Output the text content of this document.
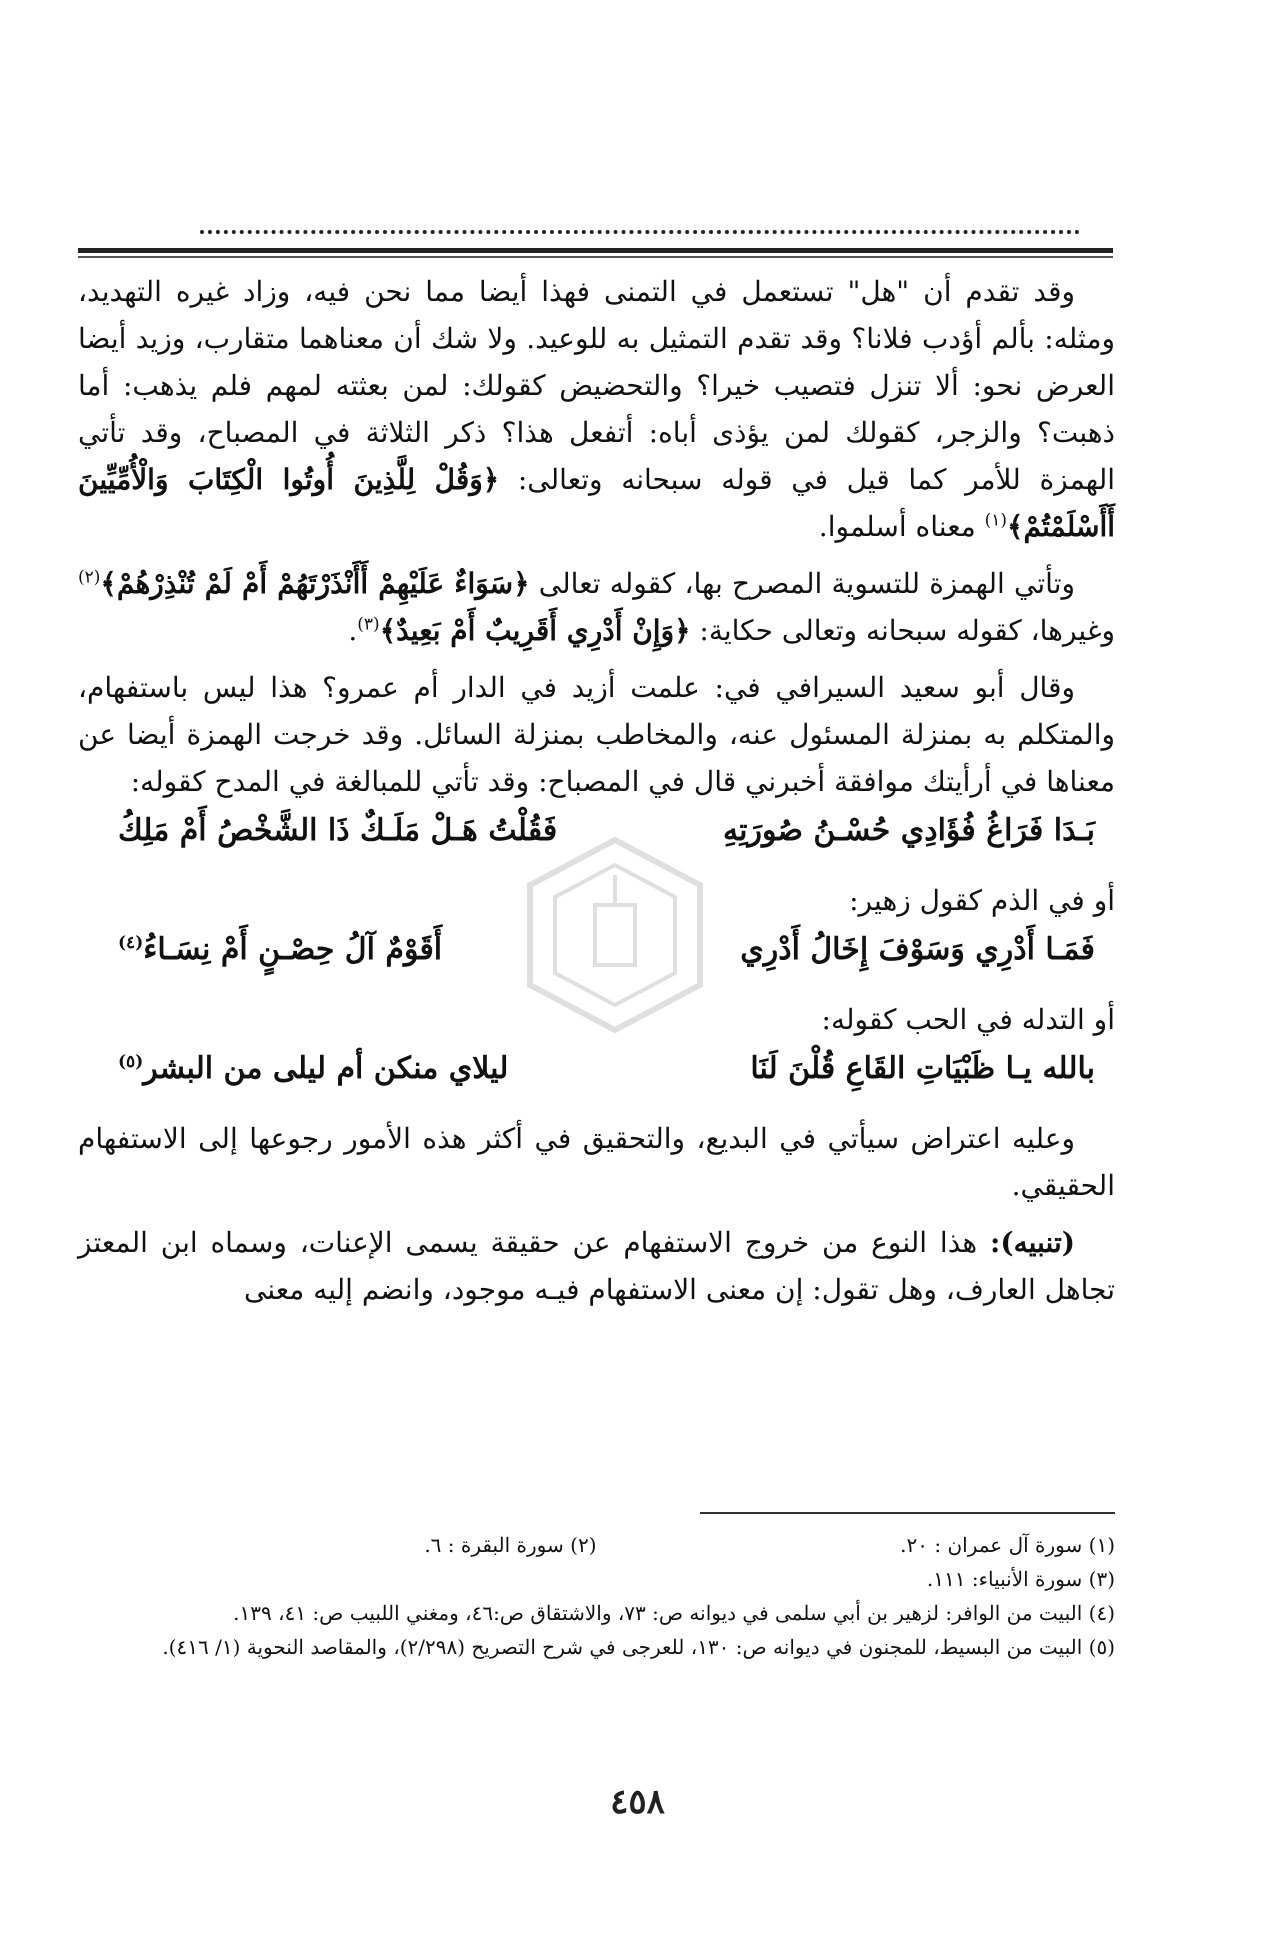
وقد تقدم أن "هل" تستعمل في التمنى فهذا أيضا مما نحن فيه، وزاد غيره التهديد، ومثله: بألم أؤدب فلانا؟ وقد تقدم التمثيل به للوعيد. ولا شك أن معناهما متقارب، وزيد أيضا العرض نحو: ألا تنزل فتصيب خيرا؟ والتحضيض كقولك: لمن بعثته لمهم فلم يذهب: أما ذهبت؟ والزجر، كقولك لمن يؤذى أباه: أتفعل هذا؟ ذكر الثلاثة في المصباح، وقد تأتي الهمزة للأمر كما قيل في قوله سبحانه وتعالى: ﴿وَقُلْ لِلَّذِينَ أُوتُوا الْكِتَابَ وَالْأُمِّيِّينَ أَأَسْلَمْتُمْ﴾$^{(١)}$ معناه أسلموا.

وتأتي الهمزة للتسوية المصرح بها، كقوله تعالى ﴿سَوَاءٌ عَلَيْهِمْ أَأَنْذَرْتَهُمْ أَمْ لَمْ تُنْذِرْهُمْ﴾$^{(٢)}$ وغيرها، كقوله سبحانه وتعالى حكاية: ﴿وَإِنْ أَدْرِي أَقَرِيبٌ أَمْ بَعِيدٌ﴾$^{(٣)}$.

وقال أبو سعيد السيرافي في: علمت أزيد في الدار أم عمرو؟ هذا ليس باستفهام، والمتكلم به بمنزلة المسئول عنه، والمخاطب بمنزلة السائل. وقد خرجت الهمزة أيضا عن معناها في أرأيتك موافقة أخبرني قال في المصباح: وقد تأتي للمبالغة في المدح كقوله:

بَـدَا فَرَاغُ فُؤَادِي حُسْـنُ صُورَتِهِ
فَقُلْتُ هَـلْ مَلَـكٌ ذَا الشَّخْصُ أَمْ مَلِكُ

أو في الذم كقول زهير:

فَمَـا أَدْرِي وَسَوْفَ إِخَالُ أَدْرِي
أَقَوْمٌ آلُ حِصْـنٍ أَمْ نِسَـاءُ$^{(٤)}$

أو التدله في الحب كقوله:

بالله يـا ظَبْيَاتِ القَاعِ قُلْنَ لَنَا
ليلاي منكن أم ليلى من البشر$^{(٥)}$

وعليه اعتراض سيأتي في البديع، والتحقيق في أكثر هذه الأمور رجوعها إلى الاستفهام الحقيقي.

(تنبيه): هذا النوع من خروج الاستفهام عن حقيقة يسمى الإعنات، وسماه ابن المعتز تجاهل العارف، وهل تقول: إن معنى الاستفهام فيـه موجود، وانضم إليه معنى

(١) سورة آل عمران : ٢٠.
(٢) سورة البقرة : ٦.

(٣) سورة الأنبياء: ١١١.

(٤) البيت من الوافر: لزهير بن أبي سلمى في ديوانه ص: ٧٣، والاشتقاق ص:٤٦، ومغني اللبيب ص: ٤١، ١٣٩.

(٥) البيت من البسيط، للمجنون في ديوانه ص: ١٣٠، للعرجى في شرح التصريح (٢/٢٩٨)، والمقاصد النحوية (١/ ٤١٦).

٤٥٨
